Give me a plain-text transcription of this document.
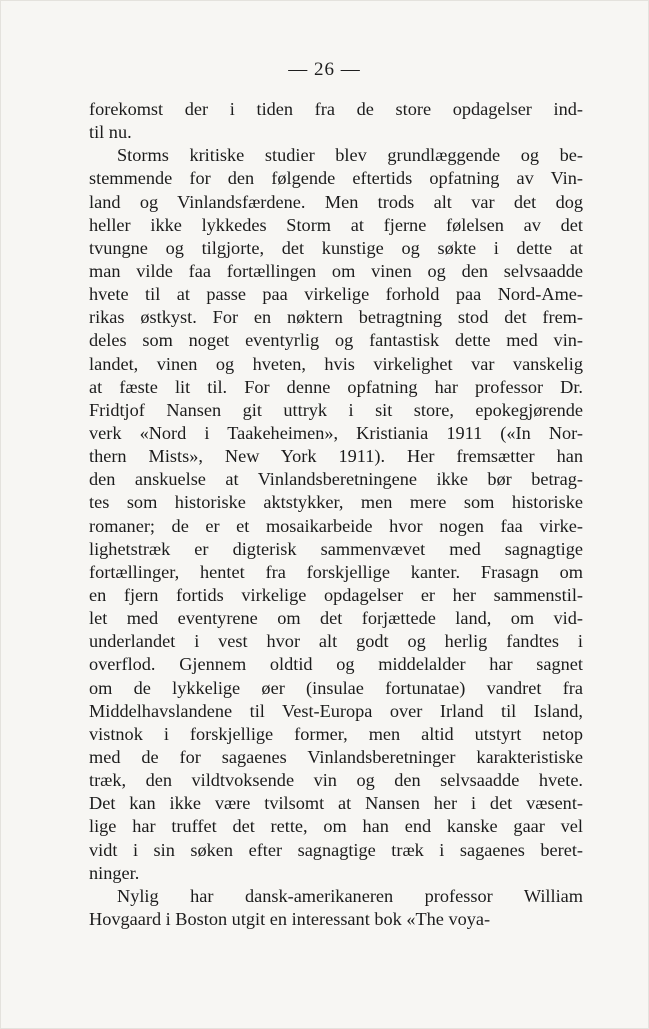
— 26 —
forekomst der i tiden fra de store opdagelser ind-
til nu.
Storms kritiske studier blev grundlæggende og be-
stemmende for den følgende eftertids opfatning av Vin-
land og Vinlandsfærdene. Men trods alt var det dog
heller ikke lykkedes Storm at fjerne følelsen av det
tvungne og tilgjorte, det kunstige og søkte i dette at
man vilde faa fortællingen om vinen og den selvsaadde
hvete til at passe paa virkelige forhold paa Nord-Ame-
rikas østkyst. For en nøktern betragtning stod det frem-
deles som noget eventyrlig og fantastisk dette med vin-
landet, vinen og hveten, hvis virkelighet var vanskelig
at fæste lit til. For denne opfatning har professor Dr.
Fridtjof Nansen git uttryk i sit store, epokegjørende
verk «Nord i Taakeheimen», Kristiania 1911 («In Nor-
thern Mists», New York 1911). Her fremsætter han
den anskuelse at Vinlandsberetningene ikke bør betrag-
tes som historiske aktstykker, men mere som historiske
romaner; de er et mosaikarbeide hvor nogen faa virke-
lighetstræk er digterisk sammenvævet med sagnagtige
fortællinger, hentet fra forskjellige kanter. Frasagn om
en fjern fortids virkelige opdagelser er her sammenstil-
let med eventyrene om det forjættede land, om vid-
underlandet i vest hvor alt godt og herlig fandtes i
overflod. Gjennem oldtid og middelalder har sagnet
om de lykkelige øer (insulae fortunatae) vandret fra
Middelhavslandene til Vest-Europa over Irland til Island,
vistnok i forskjellige former, men altid utstyrt netop
med de for sagaenes Vinlandsberetninger karakteristiske
træk, den vildtvoksende vin og den selvsaadde hvete.
Det kan ikke være tvilsomt at Nansen her i det væsent-
lige har truffet det rette, om han end kanske gaar vel
vidt i sin søken efter sagnagtige træk i sagaenes beret-
ninger.
Nylig har dansk-amerikaneren professor William
Hovgaard i Boston utgit en interessant bok «The voya-
